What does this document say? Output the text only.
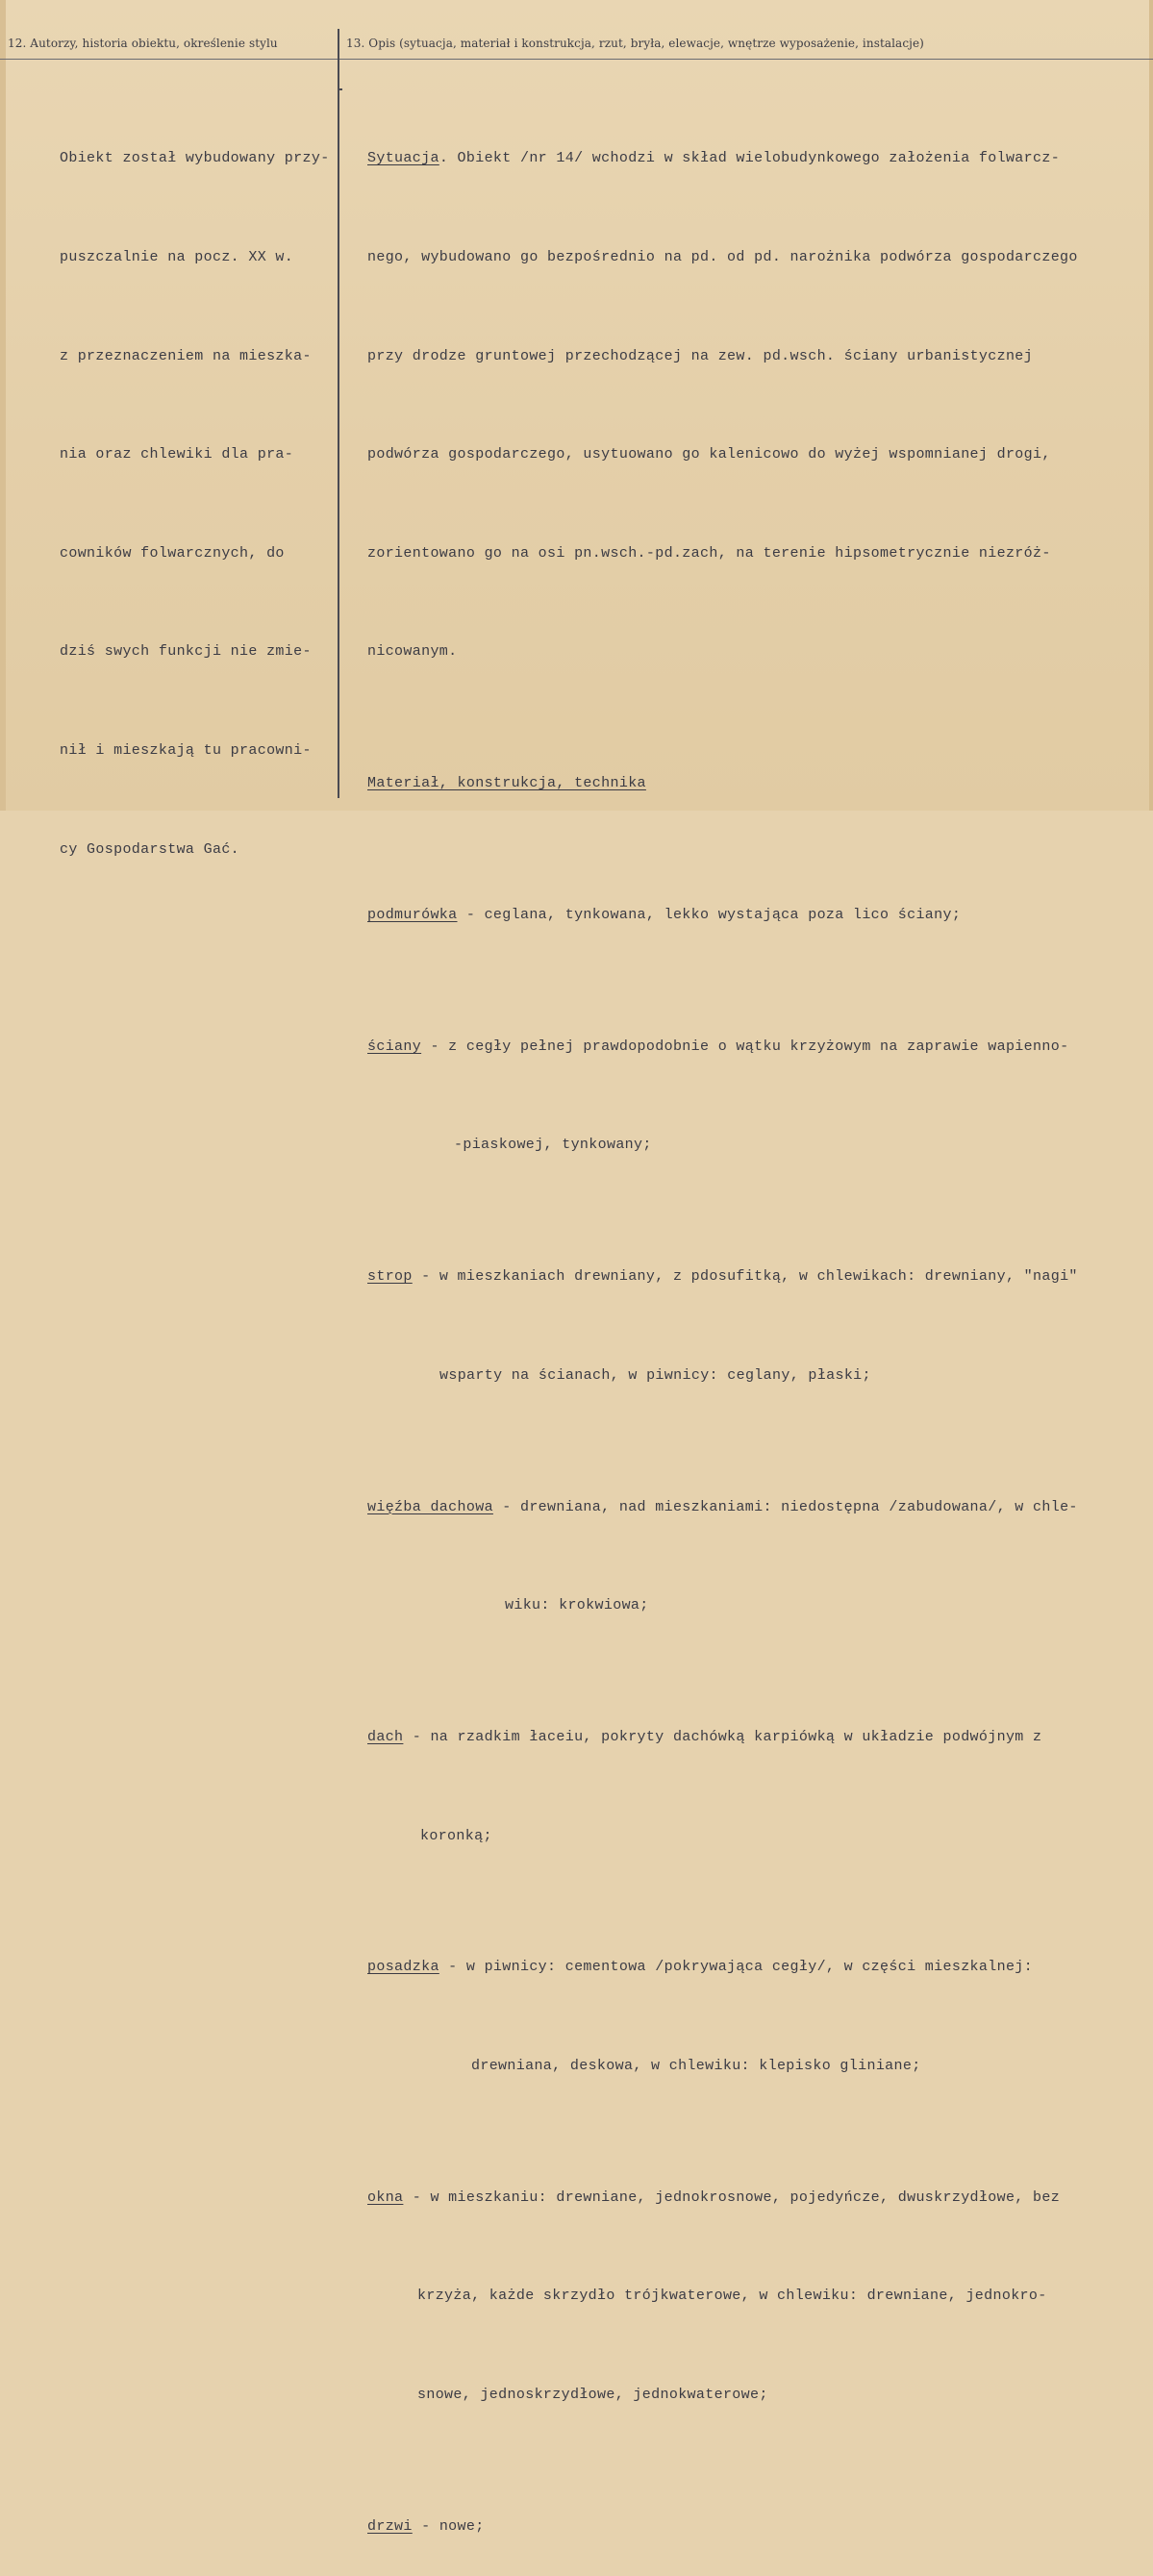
12. Autorzy, historia obiektu, określenie stylu	13. Opis (sytuacja, materiał i konstrukcja, rzut, bryła, elewacje, wnętrze wyposażenie, instalacje)

Obiekt został wybudowany przy-

puszczalnie na pocz. XX w.

z przeznaczeniem na mieszka-

nia oraz chlewiki dla pra-

cowników folwarcznych, do

dziś swych funkcji nie zmie-

nił i mieszkają tu pracowni-

cy Gospodarstwa Gać.

Sytuacja. Obiekt /nr 14/ wchodzi w skład wielobudynkowego założenia folwarcz-

nego, wybudowano go bezpośrednio na pd. od pd. narożnika podwórza gospodarczego

przy drodze gruntowej przechodzącej na zew. pd.wsch. ściany urbanistycznej

podwórza gospodarczego, usytuowano go kalenicowo do wyżej wspomnianej drogi,

zorientowano go na osi pn.wsch.-pd.zach, na terenie hipsometrycznie niezróż-

nicowanym.

Materiał, konstrukcja, technika

podmurówka - ceglana, tynkowana, lekko wystająca poza lico ściany;

ściany - z cegły pełnej prawdopodobnie o wątku krzyżowym na zaprawie wapienno-

-piaskowej, tynkowany;

strop - w mieszkaniach drewniany, z pdosufitką, w chlewikach: drewniany, "nagi"

wsparty na ścianach, w piwnicy: ceglany, płaski;

więźba dachowa - drewniana, nad mieszkaniami: niedostępna /zabudowana/, w chle-

wiku: krokwiowa;

dach - na rzadkim łaceiu, pokryty dachówką karpiówką w układzie podwójnym z

koronką;

posadzka - w piwnicy: cementowa /pokrywająca cegły/, w części mieszkalnej:

drewniana, deskowa, w chlewiku: klepisko gliniane;

okna - w mieszkaniu: drewniane, jednokrosnowe, pojedyńcze, dwuskrzydłowe, bez

krzyża, każde skrzydło trójkwaterowe, w chlewiku: drewniane, jednokro-

snowe, jednoskrzydłowe, jednokwaterowe;

drzwi - nowe;
